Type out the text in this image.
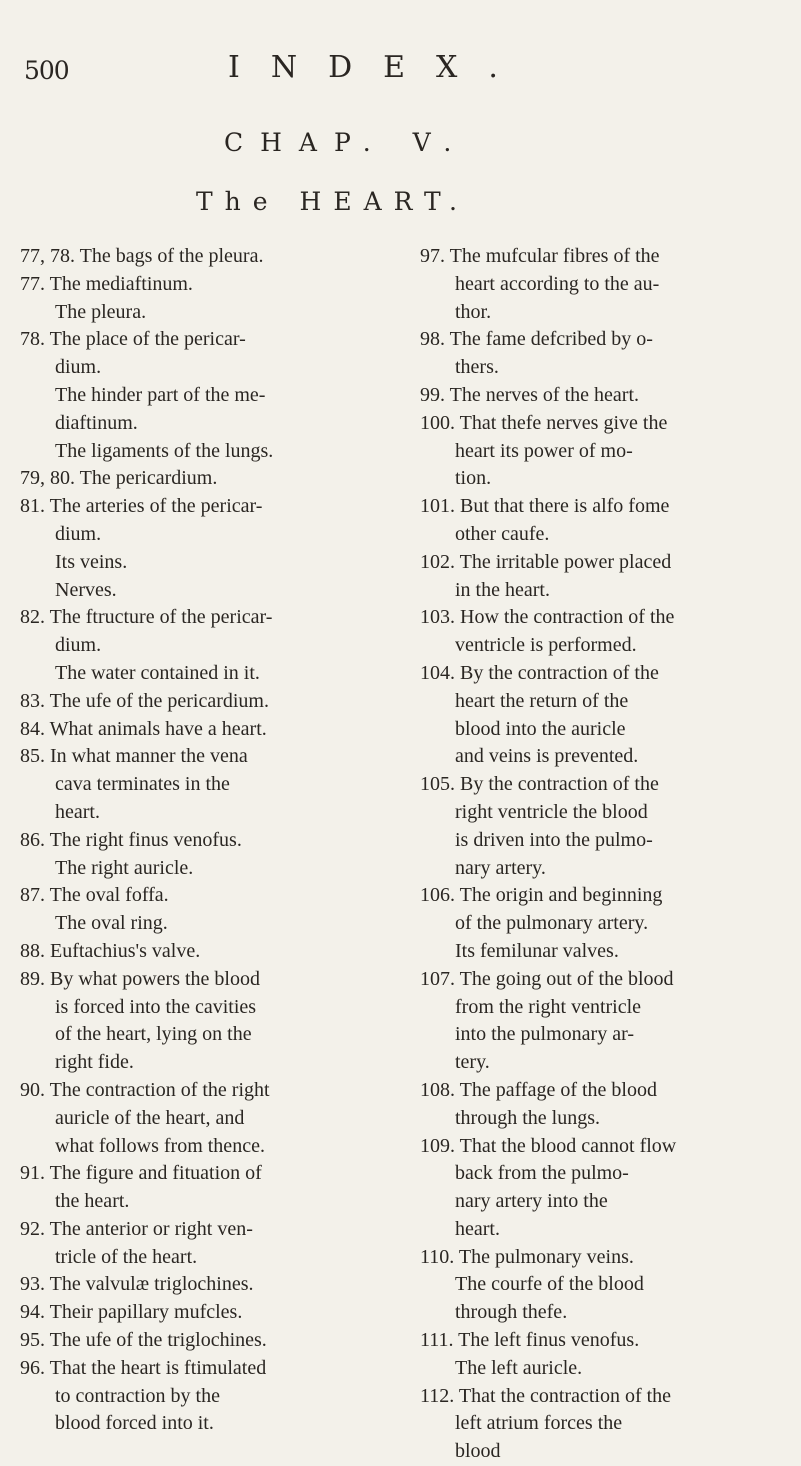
500	INDEX.
CHAP. V.
The HEART.
77, 78. The bags of the pleura.
77. The mediaftinum.
The pleura.
78. The place of the pericar-
dium.
The hinder part of the me-
diaftinum.
The ligaments of the lungs.
79, 80. The pericardium.
81. The arteries of the pericar-
dium.
Its veins.
Nerves.
82. The ftructure of the pericar-
dium.
The water contained in it.
83. The ufe of the pericardium.
84. What animals have a heart.
85. In what manner the vena
cava terminates in the
heart.
86. The right finus venofus.
The right auricle.
87. The oval foffa.
The oval ring.
88. Euftachius's valve.
89. By what powers the blood
is forced into the cavities
of the heart, lying on the
right fide.
90. The contraction of the right
auricle of the heart, and
what follows from thence.
91. The figure and fituation of
the heart.
92. The anterior or right ven-
tricle of the heart.
93. The valvulæ triglochines.
94. Their papillary mufcles.
95. The ufe of the triglochines.
96. That the heart is ftimulated
to contraction by the
blood forced into it.
97. The mufcular fibres of the
heart according to the au-
thor.
98. The fame defcribed by o-
thers.
99. The nerves of the heart.
100. That thefe nerves give the
heart its power of mo-
tion.
101. But that there is alfo fome
other caufe.
102. The irritable power placed
in the heart.
103. How the contraction of the
ventricle is performed.
104. By the contraction of the
heart the return of the
blood into the auricle
and veins is prevented.
105. By the contraction of the
right ventricle the blood
is driven into the pulmo-
nary artery.
106. The origin and beginning
of the pulmonary artery.
Its femilunar valves.
107. The going out of the blood
from the right ventricle
into the pulmonary ar-
tery.
108. The paffage of the blood
through the lungs.
109. That the blood cannot flow
back from the pulmo-
nary artery into the
heart.
110. The pulmonary veins.
The courfe of the blood
through thefe.
111. The left finus venofus.
The left auricle.
112. That the contraction of the
left atrium forces the
blood
